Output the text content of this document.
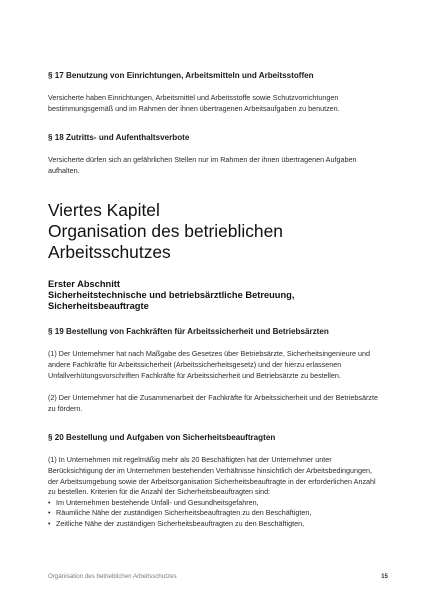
§ 17 Benutzung von Einrichtungen, Arbeitsmitteln und Arbeitsstoffen

Versicherte haben Einrichtungen, Arbeitsmittel und Arbeitsstoffe sowie Schutzvorrichtungen bestimmungsgemäß und im Rahmen der ihnen übertragenen Arbeitsaufgaben zu benutzen.

§ 18 Zutritts- und Aufenthaltsverbote

Versicherte dürfen sich an gefährlichen Stellen nur im Rahmen der ihnen übertragenen Aufgaben aufhalten.

Viertes Kapitel

Organisation des betrieblichen

Arbeitsschutzes

Erster Abschnitt

Sicherheitstechnische und betriebsärztliche Betreuung,

Sicherheitsbeauftragte

§ 19 Bestellung von Fachkräften für Arbeitssicherheit und Betriebsärzten

(1) Der Unternehmer hat nach Maßgabe des Gesetzes über Betriebsärzte, Sicherheitsingenieure und andere Fachkräfte für Arbeitssicherheit (Arbeitssicherheitsgesetz) und der hierzu erlassenen Unfallverhütungsvorschriften Fachkräfte für Arbeitssicherheit und Betriebsärzte zu bestellen.

(2) Der Unternehmer hat die Zusammenarbeit der Fachkräfte für Arbeitssicherheit und der Betriebsärzte zu fördern.

§ 20 Bestellung und Aufgaben von Sicherheitsbeauftragten

(1) In Unternehmen mit regelmäßig mehr als 20 Beschäftigten hat der Unternehmer unter Berücksichtigung der im Unternehmen bestehenden Verhältnisse hinsichtlich der Arbeitsbedingungen, der Arbeitsumgebung sowie der Arbeitsorganisation Sicherheitsbeauftragte in der erforderlichen Anzahl zu bestellen. Kriterien für die Anzahl der Sicherheitsbeauftragten sind:

• Im Unternehmen bestehende Unfall- und Gesundheitsgefahren,
• Räumliche Nähe der zuständigen Sicherheitsbeauftragten zu den Beschäftigten,
• Zeitliche Nähe der zuständigen Sicherheitsbeauftragten zu den Beschäftigten,
Organisation des betrieblichen Arbeitsschutzes	15
